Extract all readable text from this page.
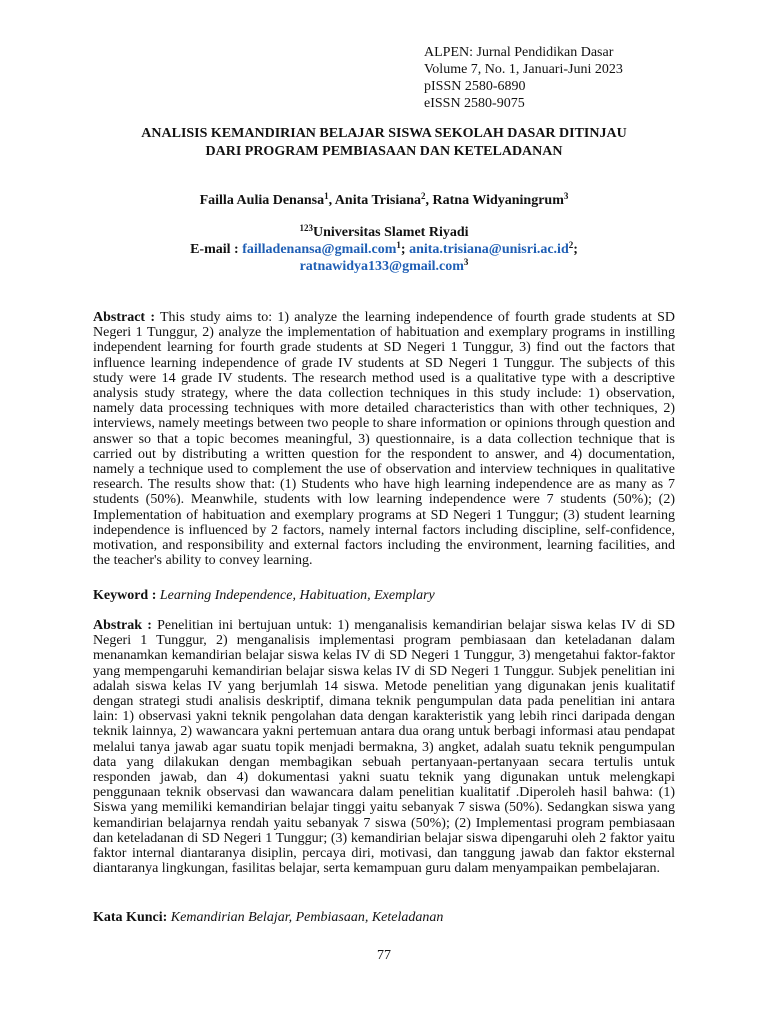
ALPEN: Jurnal Pendidikan Dasar
Volume 7, No. 1, Januari-Juni 2023
pISSN 2580-6890
eISSN 2580-9075
ANALISIS KEMANDIRIAN BELAJAR SISWA SEKOLAH DASAR DITINJAU
DARI PROGRAM PEMBIASAAN DAN KETELADANAN
Failla Aulia Denansa$^1$, Anita Trisiana$^2$, Ratna Widyaningrum$^3$
$^{123}$Universitas Slamet Riyadi
E-mail : failladenansa@gmail.com$^1$; $anita.trisiana@unisri.ac.id^2$;
ratnawidya133@gmail.com$^3$
Abstract : This study aims to: 1) analyze the learning independence of fourth grade students at SD Negeri 1 Tunggur, 2) analyze the implementation of habituation and exemplary programs in instilling independent learning for fourth grade students at SD Negeri 1 Tunggur, 3) find out the factors that influence learning independence of grade IV students at SD Negeri 1 Tunggur. The subjects of this study were 14 grade IV students. The research method used is a qualitative type with a descriptive analysis study strategy, where the data collection techniques in this study include: 1) observation, namely data processing techniques with more detailed characteristics than with other techniques, 2) interviews, namely meetings between two people to share information or opinions through question and answer so that a topic becomes meaningful, 3) questionnaire, is a data collection technique that is carried out by distributing a written question for the respondent to answer, and 4) documentation, namely a technique used to complement the use of observation and interview techniques in qualitative research. The results show that: (1) Students who have high learning independence are as many as 7 students (50%). Meanwhile, students with low learning independence were 7 students (50%); (2) Implementation of habituation and exemplary programs at SD Negeri 1 Tunggur; (3) student learning independence is influenced by 2 factors, namely internal factors including discipline, self-confidence, motivation, and responsibility and external factors including the environment, learning facilities, and the teacher's ability to convey learning.
Keyword : Learning Independence, Habituation, Exemplary
Abstrak : Penelitian ini bertujuan untuk: 1) menganalisis kemandirian belajar siswa kelas IV di SD Negeri 1 Tunggur, 2) menganalisis implementasi program pembiasaan dan keteladanan dalam menanamkan kemandirian belajar siswa kelas IV di SD Negeri 1 Tunggur, 3) mengetahui faktor-faktor yang mempengaruhi kemandirian belajar siswa kelas IV di SD Negeri 1 Tunggur. Subjek penelitian ini adalah siswa kelas IV yang berjumlah 14 siswa. Metode penelitian yang digunakan jenis kualitatif dengan strategi studi analisis deskriptif, dimana teknik pengumpulan data pada penelitian ini antara lain: 1) observasi yakni teknik pengolahan data dengan karakteristik yang lebih rinci daripada dengan teknik lainnya, 2) wawancara yakni pertemuan antara dua orang untuk berbagi informasi atau pendapat melalui tanya jawab agar suatu topik menjadi bermakna, 3) angket, adalah suatu teknik pengumpulan data yang dilakukan dengan membagikan sebuah pertanyaan-pertanyaan secara tertulis untuk responden jawab, dan 4) dokumentasi yakni suatu teknik yang digunakan untuk melengkapi penggunaan teknik observasi dan wawancara dalam penelitian kualitatif .Diperoleh hasil bahwa: (1) Siswa yang memiliki kemandirian belajar tinggi yaitu sebanyak 7 siswa (50%). Sedangkan siswa yang kemandirian belajarnya rendah yaitu sebanyak 7 siswa (50%); (2) Implementasi program pembiasaan dan keteladanan di SD Negeri 1 Tunggur; (3) kemandirian belajar siswa dipengaruhi oleh 2 faktor yaitu faktor internal diantaranya disiplin, percaya diri, motivasi, dan tanggung jawab dan faktor eksternal diantaranya lingkungan, fasilitas belajar, serta kemampuan guru dalam menyampaikan pembelajaran.
Kata Kunci: Kemandirian Belajar, Pembiasaan, Keteladanan
77
